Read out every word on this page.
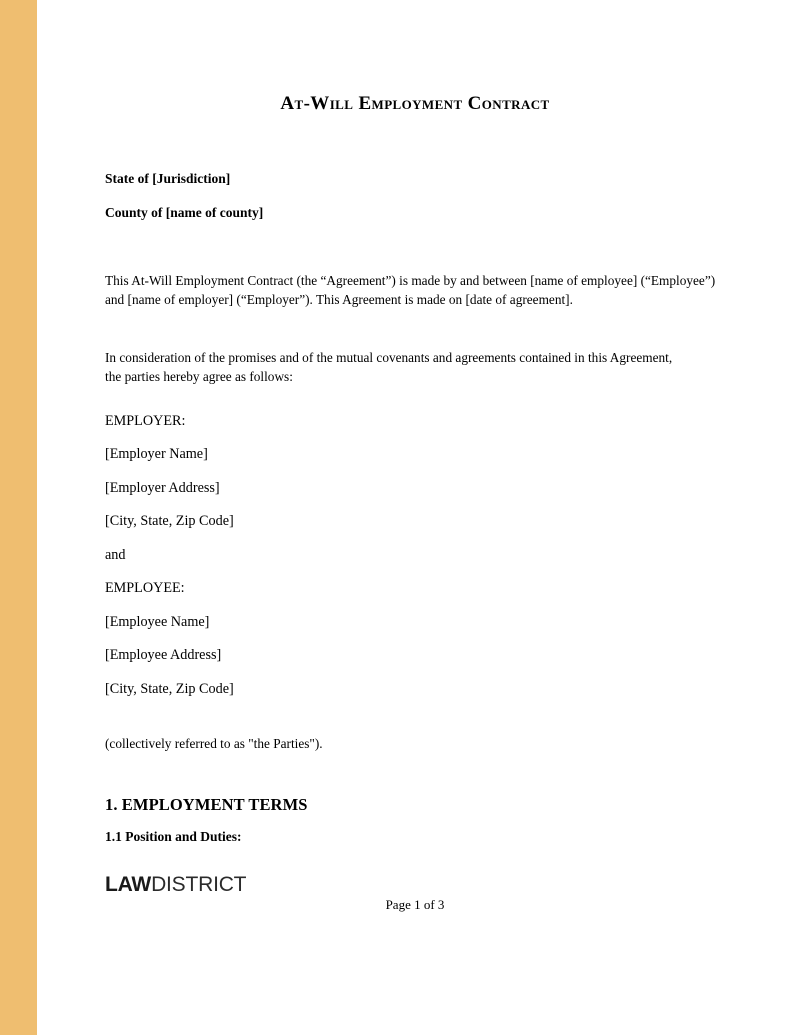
At-Will Employment Contract
State of [Jurisdiction]
County of [name of county]

This At-Will Employment Contract (the “Agreement”) is made by and between [name of employee] (“Employee”) and [name of employer] (“Employer”). This Agreement is made on [date of agreement].

In consideration of the promises and of the mutual covenants and agreements contained in this Agreement, the parties hereby agree as follows:

EMPLOYER:
[Employer Name]
[Employer Address]
[City, State, Zip Code]
and
EMPLOYEE:
[Employee Name]
[Employee Address]
[City, State, Zip Code]

(collectively referred to as "the Parties").

1. EMPLOYMENT TERMS
1.1 Position and Duties:
LAWDISTRICT
Page 1 of 3
